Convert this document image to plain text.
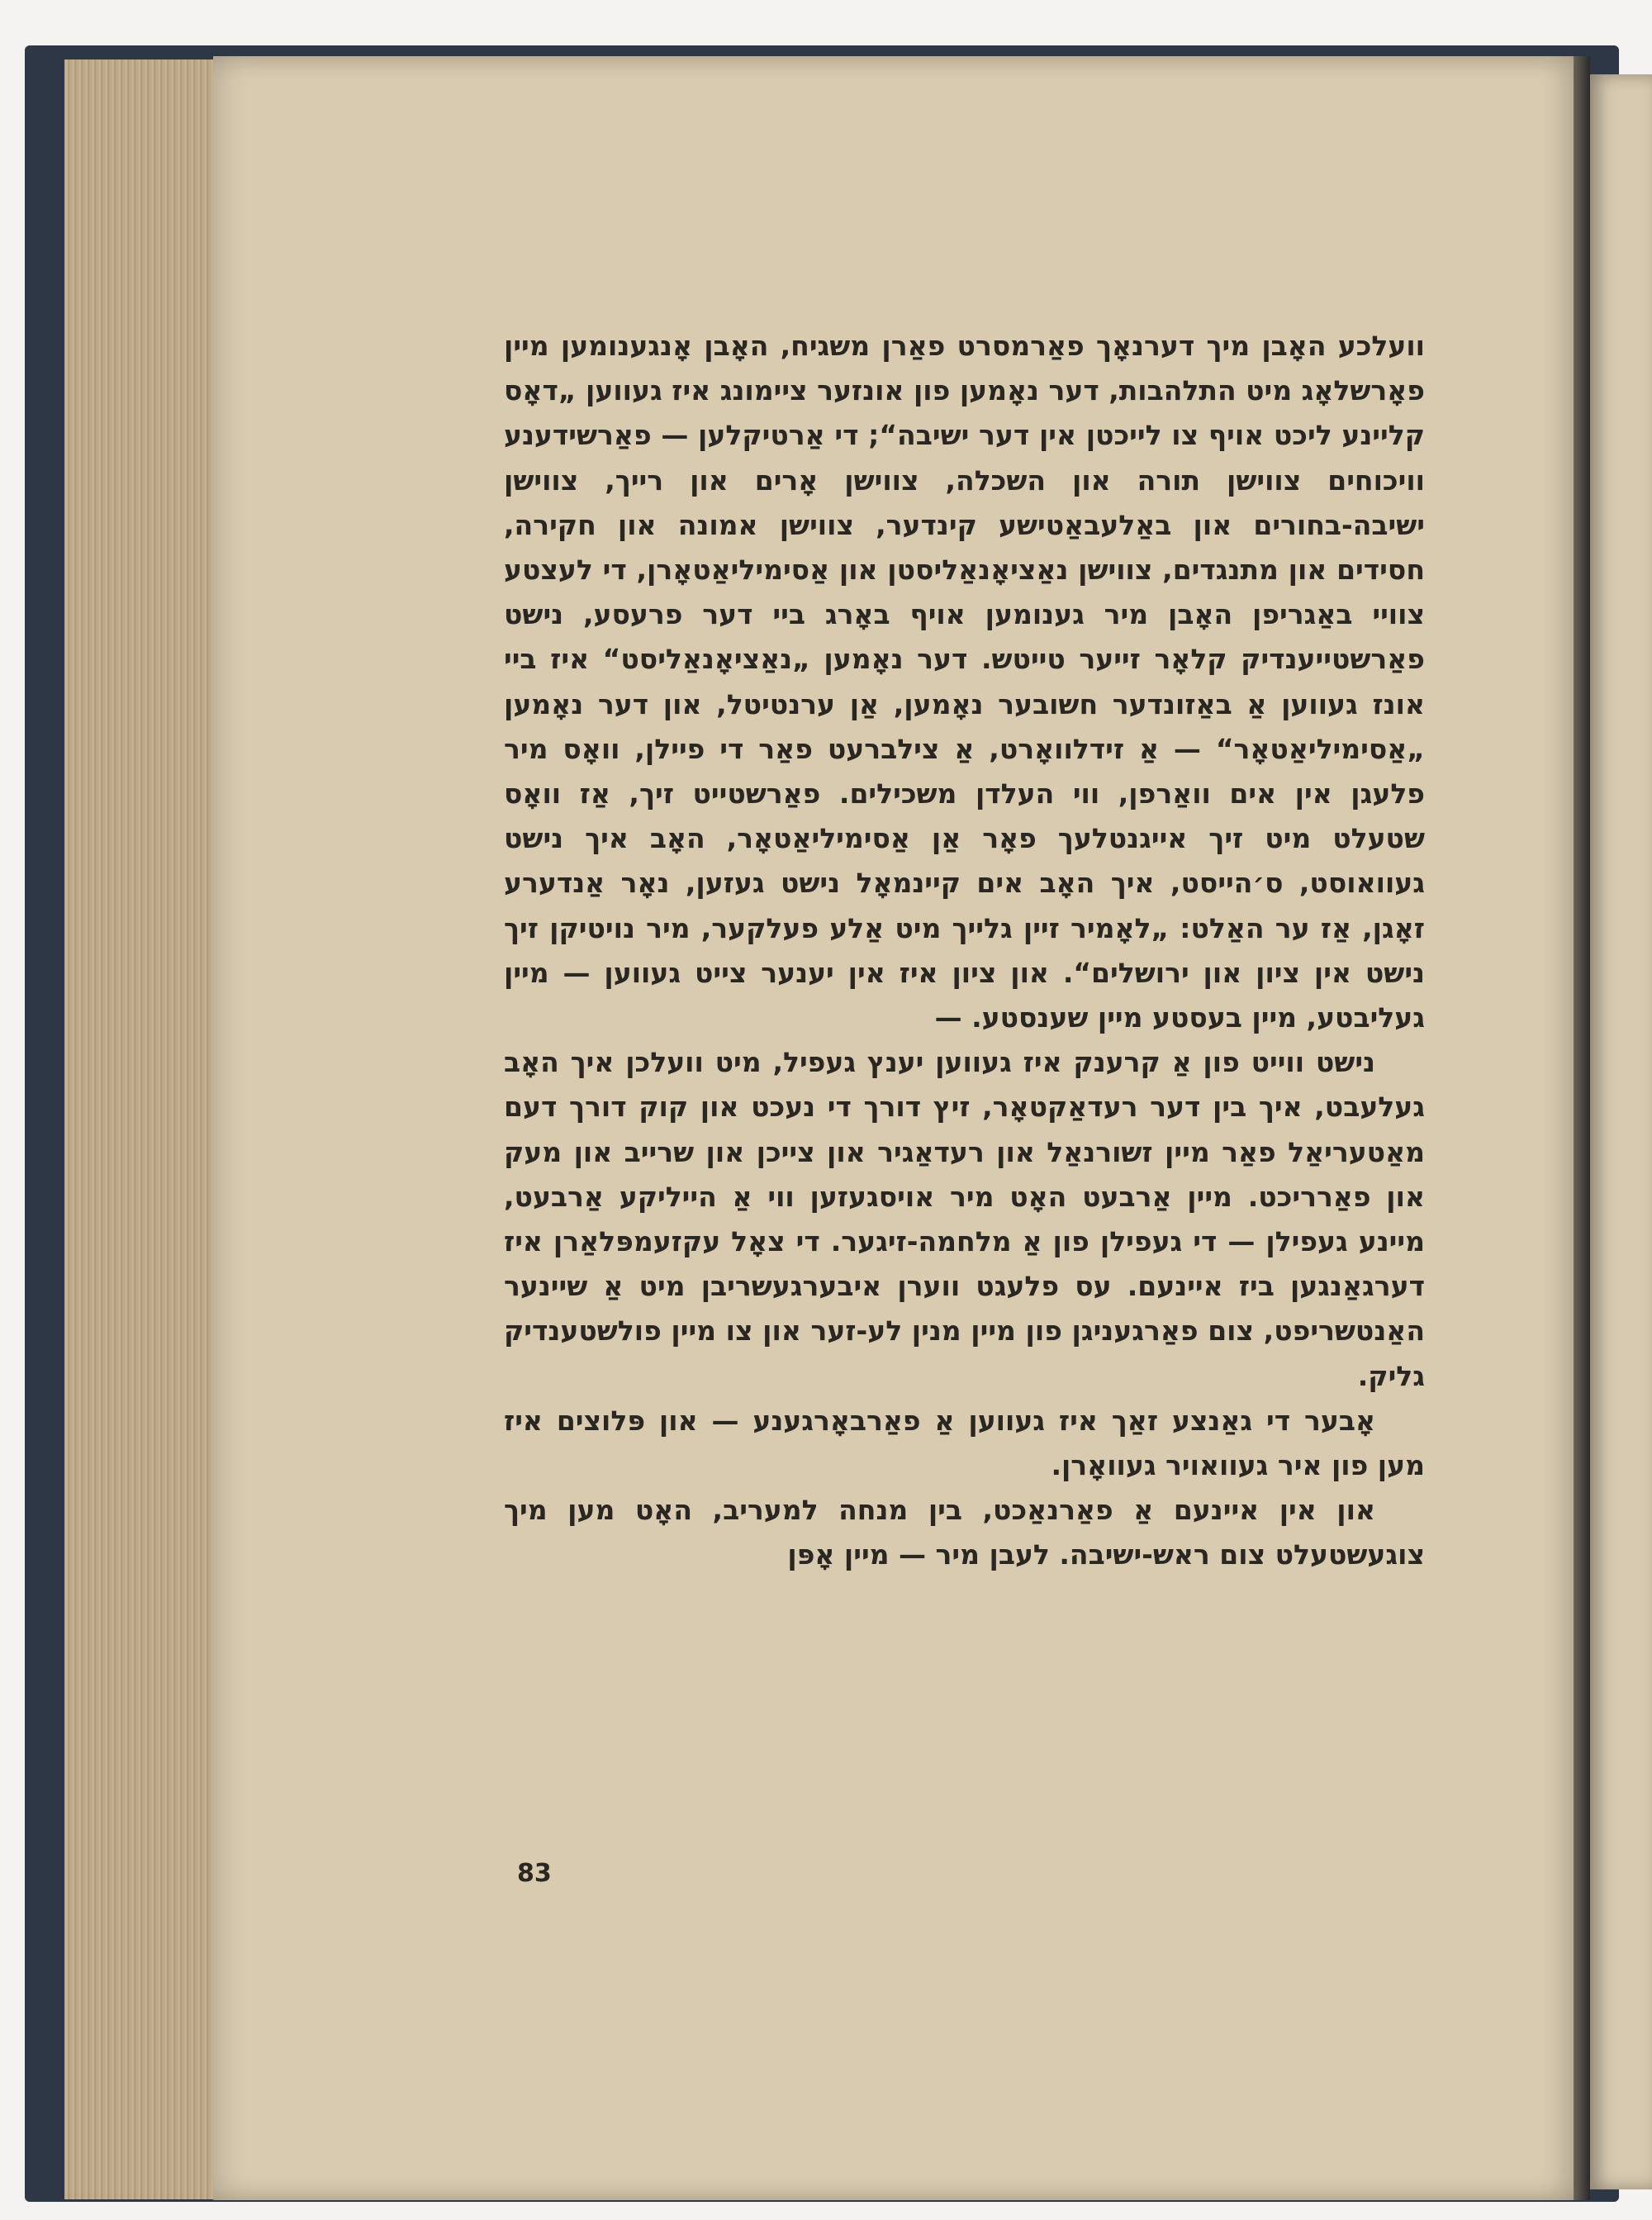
וועלכע האָבן מיך דערנאָך פאַרמסרט פאַרן משגיח, האָבן אָנגענומען מיין פאָרשלאָג מיט התלהבות, דער נאָמען פון אונזער ציימונג איז געווען „דאָס קליינע ליכט אויף צו לייכטן אין דער ישיבה“; די אַרטיקלען — פאַרשידענע וויכוחים צווישן תורה און השכלה, צווישן אָרים און רייך, צווישן ישיבה-בחורים און באַלעבאַטישע קינדער, צווישן אמונה און חקירה, חסידים און מתנגדים, צווישן נאַציאָנאַליסטן און אַסימיליאַטאָרן, די לעצטע צוויי באַגריפן האָבן מיר גענומען אויף באָרג ביי דער פרעסע, נישט פאַרשטייענדיק קלאָר זייער טייטש. דער נאָמען „נאַציאָנאַליסט“ איז ביי אונז געווען אַ באַזונדער חשובער נאָמען, אַן ערנטיטל, און דער נאָמען „אַסימיליאַטאָר“ — אַ זידלוואָרט, אַ צילברעט פאַר די פיילן, וואָס מיר פלעגן אין אים וואַרפן, ווי העלדן משכילים. פאַרשטייט זיך, אַז וואָס שטעלט מיט זיך אייגנטלעך פאָר אַן אַסימיליאַטאָר, האָב איך נישט געוואוסט, ס׳הייסט, איך האָב אים קיינמאָל נישט געזען, נאָר אַנדערע זאָגן, אַז ער האַלט: „לאָמיר זיין גלייך מיט אַלע פעלקער, מיר נויטיקן זיך נישט אין ציון און ירושלים“. און ציון איז אין יענער צייט געווען — מיין געליבטע, מיין בעסטע מיין שענסטע. —

נישט ווייט פון אַ קרענק איז געווען יענץ געפיל, מיט וועלכן איך האָב געלעבט, איך בין דער רעדאַקטאָר, זיץ דורך די נעכט און קוק דורך דעם מאַטעריאַל פאַר מיין זשורנאַל און רעדאַגיר און צייכן און שרייב און מעק און פאַרריכט. מיין אַרבעט האָט מיר אויסגעזען ווי אַ הייליקע אַרבעט, מיינע געפילן — די געפילן פון אַ מלחמה-זיגער. די צאָל עקזעמפּלאַרן איז דערגאַנגען ביז איינעם. עס פלעגט ווערן איבערגעשריבן מיט אַ שיינער האַנטשריפט, צום פאַרגעניגן פון מיין מנין לע-זער און צו מיין פולשטענדיק גליק.

אָבער די גאַנצע זאַך איז געווען אַ פאַרבאָרגענע — און פּלוצים איז מען פון איר געוואויר געוואָרן.

און אין איינעם אַ פאַרנאַכט, בין מנחה למעריב, האָט מען מיך צוגעשטעלט צום ראש-ישיבה. לעבן מיר — מיין אָפּן

83
